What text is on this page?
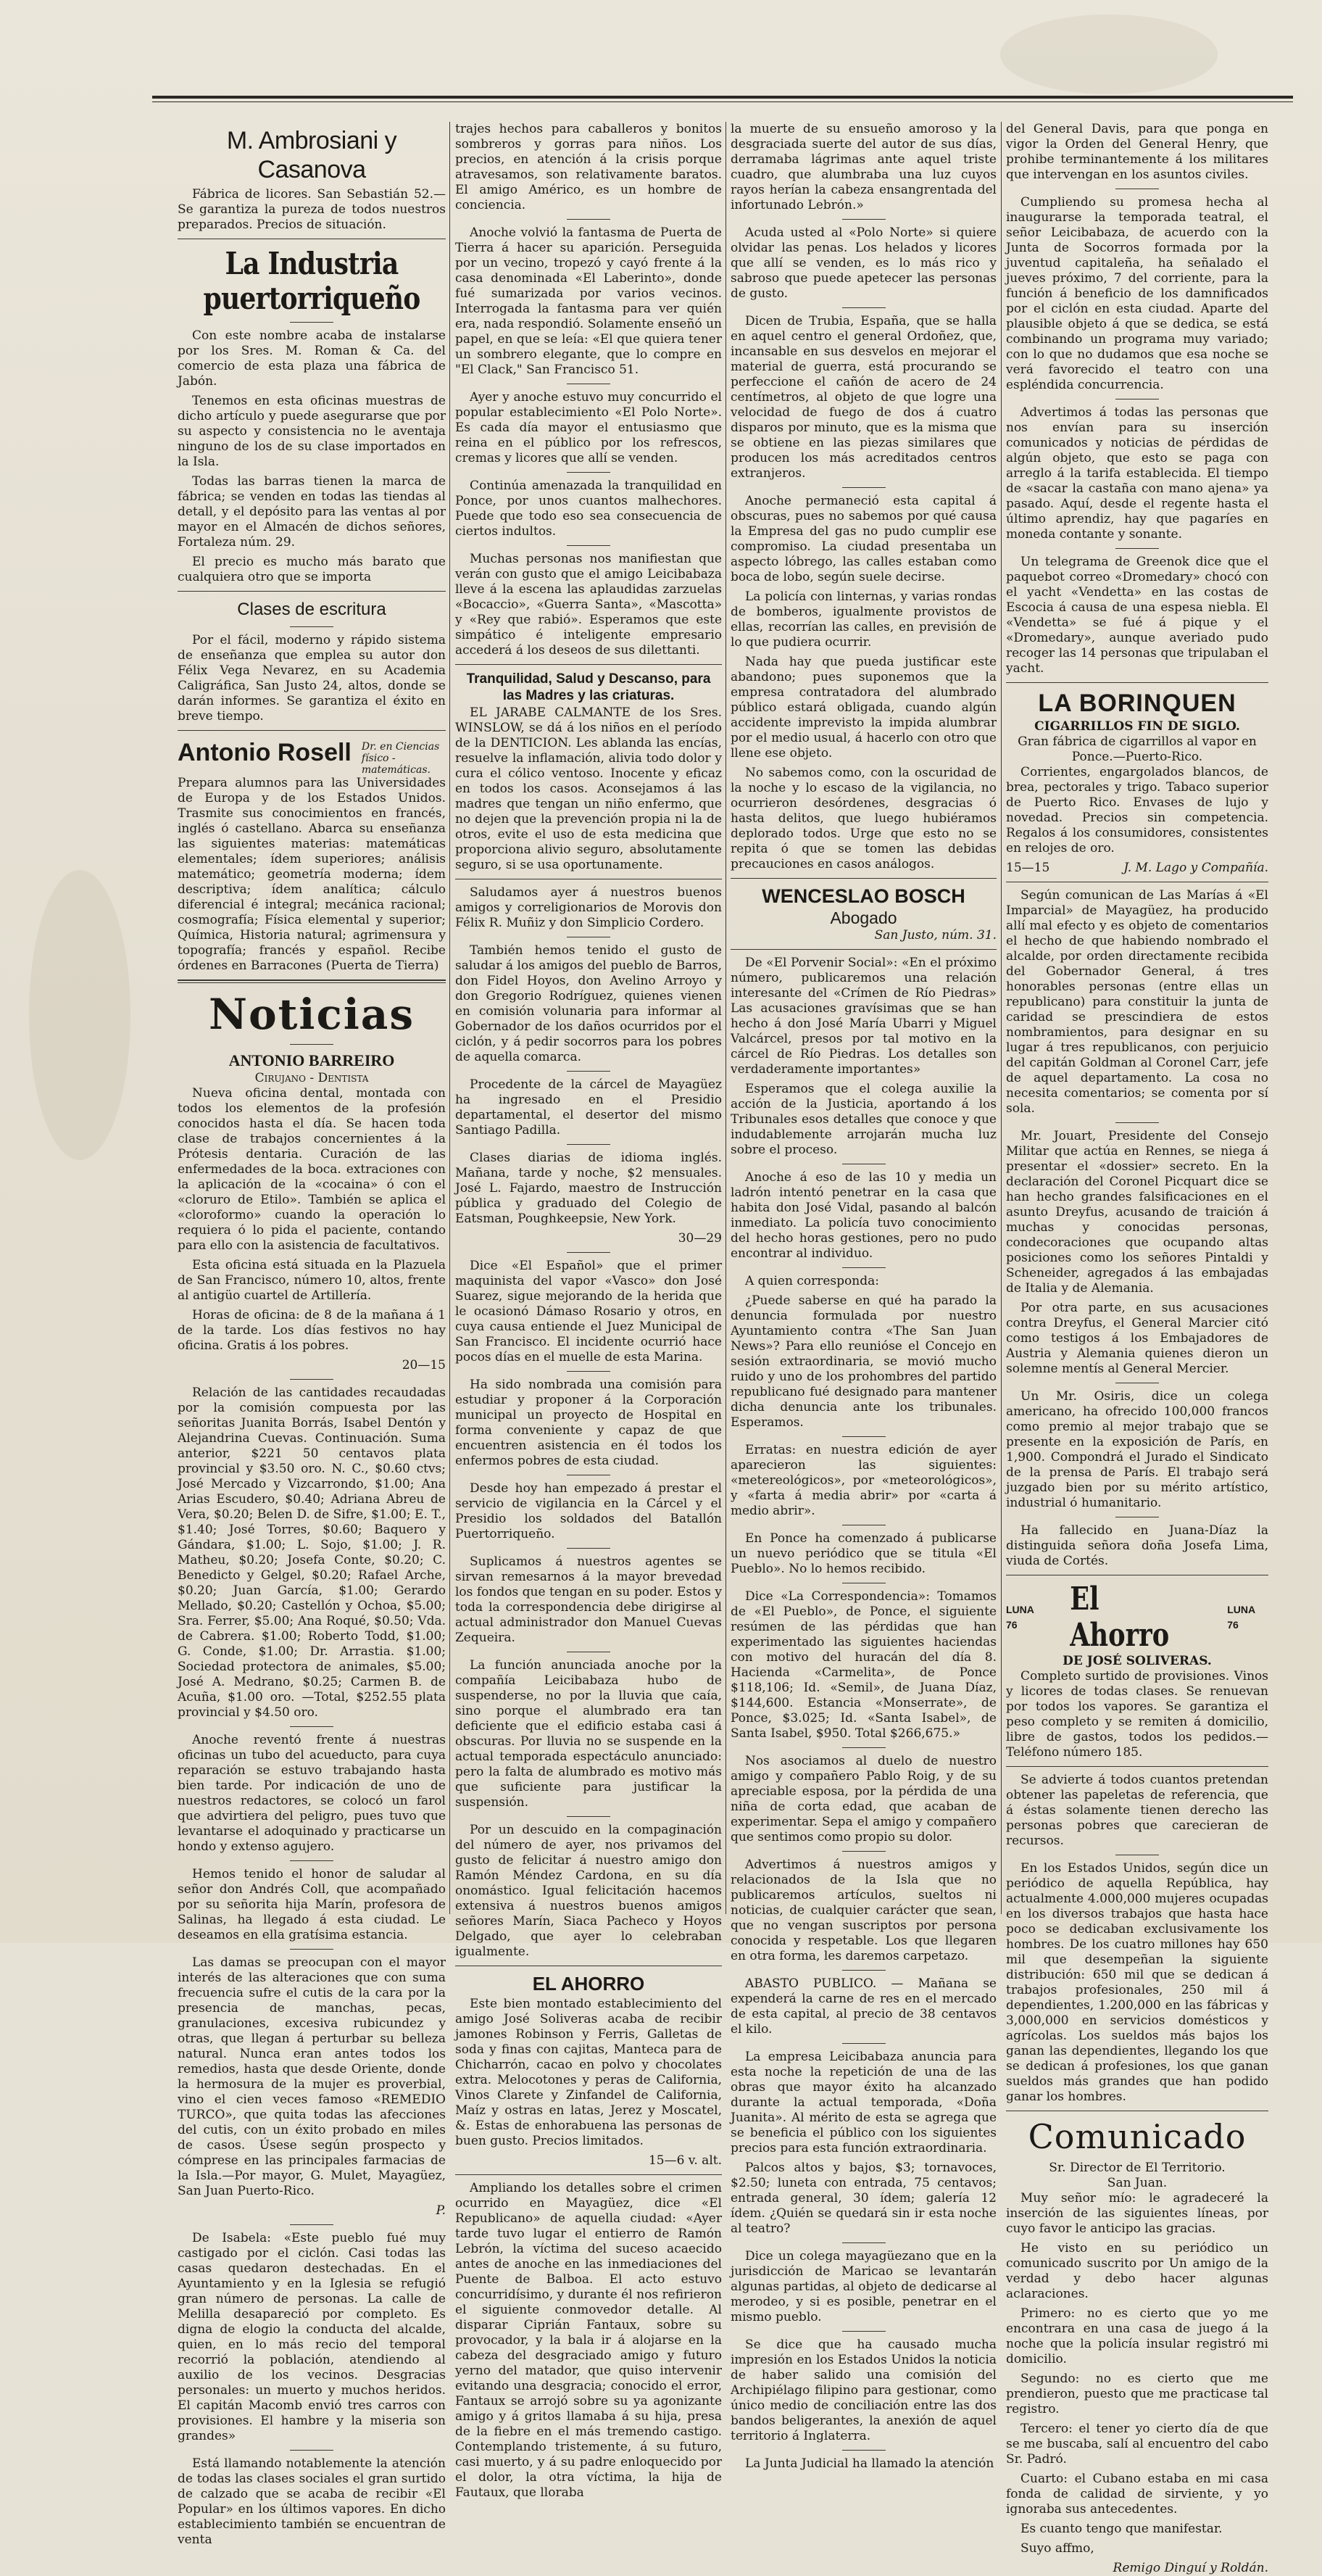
M. Ambrosiani y Casanova

Fábrica de licores. San Sebastián 52.—Se garantiza la pureza de todos nuestros preparados. Precios de situación.

La Industria puertorriqueño

Con este nombre acaba de instalarse por los Sres. M. Roman & Ca. del comercio de esta plaza una fábrica de Jabón.

Tenemos en esta oficinas muestras de dicho artículo y puede asegurarse que por su aspecto y consistencia no le aventaja ninguno de los de su clase importados en la Isla.

Todas las barras tienen la marca de fábrica; se venden en todas las tiendas al detall, y el depósito para las ventas al por mayor en el Almacén de dichos señores, Fortaleza núm. 29.

El precio es mucho más barato que cualquiera otro que se importa

Clases de escritura

Por el fácil, moderno y rápido sistema de enseñanza que emplea su autor don Félix Vega Nevarez, en su Academia Caligráfica, San Justo 24, altos, donde se darán informes. Se garantiza el éxito en breve tiempo.

Antonio Rosell	Dr. en Ciencias físico - matemáticas.

Prepara alumnos para las Universidades de Europa y de los Estados Unidos. Trasmite sus conocimientos en francés, inglés ó castellano. Abarca su enseñanza las siguientes materias: matemáticas elementales; ídem superiores; análisis matemático; geometría moderna; ídem descriptiva; ídem analítica; cálculo diferencial é integral; mecánica racional; cosmografía; Física elemental y superior; Química, Historia natural; agrimensura y topografía; francés y español. Recibe órdenes en Barracones (Puerta de Tierra)

Noticias
ANTONIO BARREIRO
Cirujano - Dentista

Nueva oficina dental, montada con todos los elementos de la profesión conocidos hasta el día. Se hacen toda clase de trabajos concernientes á la Prótesis dentaria. Curación de las enfermedades de la boca. extraciones con la aplicación de la «cocaina» ó con el «cloruro de Etilo». También se aplica el «cloroformo» cuando la operación lo requiera ó lo pida el paciente, contando para ello con la asistencia de facultativos.

Esta oficina está situada en la Plazuela de San Francisco, número 10, altos, frente al antigüo cuartel de Artillería.

Horas de oficina: de 8 de la mañana á 1 de la tarde. Los días festivos no hay oficina. Gratis á los pobres.

20—15

Relación de las cantidades recaudadas por la comisión compuesta por las señoritas Juanita Borrás, Isabel Dentón y Alejandrina Cuevas. Continuación. Suma anterior, $221 50 centavos plata provincial y $3.50 oro. N. C., $0.60 ctvs; José Mercado y Vizcarrondo, $1.00; Ana Arias Escudero, $0.40; Adriana Abreu de Vera, $0.20; Belen D. de Sifre, $1.00; E. T., $1.40; José Torres, $0.60; Baquero y Gándara, $1.00; L. Sojo, $1.00; J. R. Matheu, $0.20; Josefa Conte, $0.20; C. Benedicto y Gelgel, $0.20; Rafael Arche, $0.20; Juan García, $1.00; Gerardo Mellado, $0.20; Castellón y Ochoa, $5.00; Sra. Ferrer, $5.00; Ana Roqué, $0.50; Vda. de Cabrera. $1.00; Roberto Todd, $1.00; G. Conde, $1.00; Dr. Arrastia. $1.00; Sociedad protectora de animales, $5.00; José A. Medrano, $0.25; Carmen B. de Acuña, $1.00 oro. —Total, $252.55 plata provincial y $4.50 oro.

Anoche reventó frente á nuestras oficinas un tubo del acueducto, para cuya reparación se estuvo trabajando hasta bien tarde. Por indicación de uno de nuestros redactores, se colocó un farol que advirtiera del peligro, pues tuvo que levantarse el adoquinado y practicarse un hondo y extenso agujero.

Hemos tenido el honor de saludar al señor don Andrés Coll, que acompañado por su señorita hija Marín, profesora de Salinas, ha llegado á esta ciudad. Le deseamos en ella gratísima estancia.

Las damas se preocupan con el mayor interés de las alteraciones que con suma frecuencia sufre el cutis de la cara por la presencia de manchas, pecas, granulaciones, excesiva rubicundez y otras, que llegan á perturbar su belleza natural. Nunca eran antes todos los remedios, hasta que desde Oriente, donde la hermosura de la mujer es proverbial, vino el cien veces famoso «REMEDIO TURCO», que quita todas las afecciones del cutis, con un éxito probado en miles de casos. Úsese según prospecto y cómprese en las principales farmacias de la Isla.—Por mayor, G. Mulet, Mayagüez, San Juan Puerto-Rico.

P.

De Isabela: «Este pueblo fué muy castigado por el ciclón. Casi todas las casas quedaron destechadas. En el Ayuntamiento y en la Iglesia se refugió gran número de personas. La calle de Melilla desapareció por completo. Es digna de elogio la conducta del alcalde, quien, en lo más recio del temporal recorrió la población, atendiendo al auxilio de los vecinos. Desgracias personales: un muerto y muchos heridos. El capitán Macomb envió tres carros con provisiones. El hambre y la miseria son grandes»

Está llamando notablemente la atención de todas las clases sociales el gran surtido de calzado que se acaba de recibir «El Popular» en los últimos vapores. En dicho establecimiento también se encuentran de venta

trajes hechos para caballeros y bonitos sombreros y gorras para niños. Los precios, en atención á la crisis porque atravesamos, son relativamente baratos. El amigo Américo, es un hombre de conciencia.

Anoche volvió la fantasma de Puerta de Tierra á hacer su aparición. Perseguida por un vecino, tropezó y cayó frente á la casa denominada «El Laberinto», donde fué sumarizada por varios vecinos. Interrogada la fantasma para ver quién era, nada respondió. Solamente enseñó un papel, en que se leía: «El que quiera tener un sombrero elegante, que lo compre en "El Clack," San Francisco 51.

Ayer y anoche estuvo muy concurrido el popular establecimiento «El Polo Norte». Es cada día mayor el entusiasmo que reina en el público por los refrescos, cremas y licores que allí se venden.

Continúa amenazada la tranquilidad en Ponce, por unos cuantos malhechores. Puede que todo eso sea consecuencia de ciertos indultos.

Muchas personas nos manifiestan que verán con gusto que el amigo Leicibabaza lleve á la escena las aplaudidas zarzuelas «Bocaccio», «Guerra Santa», «Mascotta» y «Rey que rabió». Esperamos que este simpático é inteligente empresario accederá á los deseos de sus dilettanti.

Tranquilidad, Salud y Descanso, para las Madres y las criaturas.

EL JARABE CALMANTE de los Sres. WINSLOW, se dá á los niños en el período de la DENTICION. Les ablanda las encías, resuelve la inflamación, alivia todo dolor y cura el cólico ventoso. Inocente y eficaz en todos los casos. Aconsejamos á las madres que tengan un niño enfermo, que no dejen que la prevención propia ni la de otros, evite el uso de esta medicina que proporciona alivio seguro, absolutamente seguro, si se usa oportunamente.

Saludamos ayer á nuestros buenos amigos y correligionarios de Morovis don Félix R. Muñiz y don Simplicio Cordero.

También hemos tenido el gusto de saludar á los amigos del pueblo de Barros, don Fidel Hoyos, don Avelino Arroyo y don Gregorio Rodríguez, quienes vienen en comisión volunaria para informar al Gobernador de los daños ocurridos por el ciclón, y á pedir socorros para los pobres de aquella comarca.

Procedente de la cárcel de Mayagüez ha ingresado en el Presidio departamental, el desertor del mismo Santiago Padilla.

Clases diarias de idioma inglés. Mañana, tarde y noche, $2 mensuales. José L. Fajardo, maestro de Instrucción pública y graduado del Colegio de Eatsman, Poughkeepsie, New York.

30—29

Dice «El Español» que el primer maquinista del vapor «Vasco» don José Suarez, sigue mejorando de la herida que le ocasionó Dámaso Rosario y otros, en cuya causa entiende el Juez Municipal de San Francisco. El incidente ocurrió hace pocos días en el muelle de esta Marina.

Ha sido nombrada una comisión para estudiar y proponer á la Corporación municipal un proyecto de Hospital en forma conveniente y capaz de que encuentren asistencia en él todos los enfermos pobres de esta ciudad.

Desde hoy han empezado á prestar el servicio de vigilancia en la Cárcel y el Presidio los soldados del Batallón Puertorriqueño.

Suplicamos á nuestros agentes se sirvan remesarnos á la mayor brevedad los fondos que tengan en su poder. Estos y toda la correspondencia debe dirigirse al actual administrador don Manuel Cuevas Zequeira.

La función anunciada anoche por la compañía Leicibabaza hubo de suspenderse, no por la lluvia que caía, sino porque el alumbrado era tan deficiente que el edificio estaba casi á obscuras. Por lluvia no se suspende en la actual temporada espectáculo anunciado: pero la falta de alumbrado es motivo más que suficiente para justificar la suspensión.

Por un descuido en la compaginación del número de ayer, nos privamos del gusto de felicitar á nuestro amigo don Ramón Méndez Cardona, en su día onomástico. Igual felicitación hacemos extensiva á nuestros buenos amigos señores Marín, Siaca Pacheco y Hoyos Delgado, que ayer lo celebraban igualmente.

EL AHORRO

Este bien montado establecimiento del amigo José Soliveras acaba de recibir jamones Robinson y Ferris, Galletas de soda y finas con cajitas, Manteca para de Chicharrón, cacao en polvo y chocolates extra. Melocotones y peras de California, Vinos Clarete y Zinfandel de California, Maíz y ostras en latas, Jerez y Moscatel, &. Estas de enhorabuena las personas de buen gusto. Precios limitados.

15—6 v. alt.

Ampliando los detalles sobre el crimen ocurrido en Mayagüez, dice «El Republicano» de aquella ciudad: «Ayer tarde tuvo lugar el entierro de Ramón Lebrón, la víctima del suceso acaecido antes de anoche en las inmediaciones del Puente de Balboa. El acto estuvo concurridísimo, y durante él nos refirieron el siguiente conmovedor detalle. Al disparar Ciprián Fantaux, sobre su provocador, y la bala ir á alojarse en la cabeza del desgraciado amigo y futuro yerno del matador, que quiso intervenir evitando una desgracia; conocido el error, Fantaux se arrojó sobre su ya agonizante amigo y á gritos llamaba á su hija, presa de la fiebre en el más tremendo castigo. Contemplando tristemente, á su futuro, casi muerto, y á su padre enloquecido por el dolor, la otra víctima, la hija de Fautaux, que lloraba

la muerte de su ensueño amoroso y la desgraciada suerte del autor de sus días, derramaba lágrimas ante aquel triste cuadro, que alumbraba una luz cuyos rayos herían la cabeza ensangrentada del infortunado Lebrón.»

Acuda usted al «Polo Norte» si quiere olvidar las penas. Los helados y licores que allí se venden, es lo más rico y sabroso que puede apetecer las personas de gusto.

Dicen de Trubia, España, que se halla en aquel centro el general Ordoñez, que, incansable en sus desvelos en mejorar el material de guerra, está procurando se perfeccione el cañón de acero de 24 centímetros, al objeto de que logre una velocidad de fuego de dos á cuatro disparos por minuto, que es la misma que se obtiene en las piezas similares que producen los más acreditados centros extranjeros.

Anoche permaneció esta capital á obscuras, pues no sabemos por qué causa la Empresa del gas no pudo cumplir ese compromiso. La ciudad presentaba un aspecto lóbrego, las calles estaban como boca de lobo, según suele decirse.

La policía con linternas, y varias rondas de bomberos, igualmente provistos de ellas, recorrían las calles, en previsión de lo que pudiera ocurrir.

Nada hay que pueda justificar este abandono; pues suponemos que la empresa contratadora del alumbrado público estará obligada, cuando algún accidente imprevisto la impida alumbrar por el medio usual, á hacerlo con otro que llene ese objeto.

No sabemos como, con la oscuridad de la noche y lo escaso de la vigilancia, no ocurrieron desórdenes, desgracias ó hasta delitos, que luego hubiéramos deplorado todos. Urge que esto no se repita ó que se tomen las debidas precauciones en casos análogos.

WENCESLAO BOSCH
Abogado
San Justo, núm. 31.

De «El Porvenir Social»: «En el próximo número, publicaremos una relación interesante del «Crímen de Río Piedras» Las acusaciones gravísimas que se han hecho á don José María Ubarri y Miguel Valcárcel, presos por tal motivo en la cárcel de Río Piedras. Los detalles son verdaderamente importantes»

Esperamos que el colega auxilie la acción de la Justicia, aportando á los Tribunales esos detalles que conoce y que indudablemente arrojarán mucha luz sobre el proceso.

Anoche á eso de las 10 y media un ladrón intentó penetrar en la casa que habita don José Vidal, pasando al balcón inmediato. La policía tuvo conocimiento del hecho horas gestiones, pero no pudo encontrar al individuo.

A quien corresponda:

¿Puede saberse en qué ha parado la denuncia formulada por nuestro Ayuntamiento contra «The San Juan News»? Para ello reunióse el Concejo en sesión extraordinaria, se movió mucho ruido y uno de los prohombres del partido republicano fué designado para mantener dicha denuncia ante los tribunales. Esperamos.

Erratas: en nuestra edición de ayer aparecieron las siguientes: «metereológicos», por «meteorológicos», y «farta á media abrir» por «carta á medio abrir».

En Ponce ha comenzado á publicarse un nuevo periódico que se titula «El Pueblo». No lo hemos recibido.

Dice «La Correspondencia»: Tomamos de «El Pueblo», de Ponce, el siguiente resúmen de las pérdidas que han experimentado las siguientes haciendas con motivo del huracán del día 8. Hacienda «Carmelita», de Ponce $118,106; Id. «Semil», de Juana Díaz, $144,600. Estancia «Monserrate», de Ponce, $3.025; Id. «Santa Isabel», de Santa Isabel, $950. Total $266,675.»

Nos asociamos al duelo de nuestro amigo y compañero Pablo Roig, y de su apreciable esposa, por la pérdida de una niña de corta edad, que acaban de experimentar. Sepa el amigo y compañero que sentimos como propio su dolor.

Advertimos á nuestros amigos y relacionados de la Isla que no publicaremos artículos, sueltos ni noticias, de cualquier carácter que sean, que no vengan suscriptos por persona conocida y respetable. Los que llegaren en otra forma, les daremos carpetazo.

ABASTO PUBLICO. — Mañana se expenderá la carne de res en el mercado de esta capital, al precio de 38 centavos el kilo.

La empresa Leicibabaza anuncia para esta noche la repetición de una de las obras que mayor éxito ha alcanzado durante la actual temporada, «Doña Juanita». Al mérito de esta se agrega que se beneficia el público con los siguientes precios para esta función extraordinaria.

Palcos altos y bajos, $3; tornavoces, $2.50; luneta con entrada, 75 centavos; entrada general, 30 ídem; galería 12 ídem. ¿Quién se quedará sin ir esta noche al teatro?

Dice un colega mayagüezano que en la jurisdicción de Maricao se levantarán algunas partidas, al objeto de dedicarse al merodeo, y si es posible, penetrar en el mismo pueblo.

Se dice que ha causado mucha impresión en los Estados Unidos la noticia de haber salido una comisión del Archipiélago filipino para gestionar, como único medio de conciliación entre las dos bandos beligerantes, la anexión de aquel territorio á Inglaterra.

La Junta Judicial ha llamado la atención

del General Davis, para que ponga en vigor la Orden del General Henry, que prohibe terminantemente á los militares que intervengan en los asuntos civiles.

Cumpliendo su promesa hecha al inaugurarse la temporada teatral, el señor Leicibabaza, de acuerdo con la Junta de Socorros formada por la juventud capitaleña, ha señalado el jueves próximo, 7 del corriente, para la función á beneficio de los damnificados por el ciclón en esta ciudad. Aparte del plausible objeto á que se dedica, se está combinando un programa muy variado; con lo que no dudamos que esa noche se verá favorecido el teatro con una espléndida concurrencia.

Advertimos á todas las personas que nos envían para su inserción comunicados y noticias de pérdidas de algún objeto, que esto se paga con arreglo á la tarifa establecida. El tiempo de «sacar la castaña con mano ajena» ya pasado. Aquí, desde el regente hasta el último aprendiz, hay que pagaríes en moneda contante y sonante.

Un telegrama de Greenok dice que el paquebot correo «Dromedary» chocó con el yacht «Vendetta» en las costas de Escocia á causa de una espesa niebla. El «Vendetta» se fué á pique y el «Dromedary», aunque averiado pudo recoger las 14 personas que tripulaban el yacht.

LA BORINQUEN
CIGARRILLOS FIN DE SIGLO.
Gran fábrica de cigarrillos al vapor en Ponce.—Puerto-Rico.

Corrientes, engargolados blancos, de brea, pectorales y trigo. Tabaco superior de Puerto Rico. Envases de lujo y novedad. Precios sin competencia. Regalos á los consumidores, consistentes en relojes de oro.

15—15	J. M. Lago y Compañía.

Según comunican de Las Marías á «El Imparcial» de Mayagüez, ha producido allí mal efecto y es objeto de comentarios el hecho de que habiendo nombrado el alcalde, por orden directamente recibida del Gobernador General, á tres honorables personas (entre ellas un republicano) para constituir la junta de caridad se prescindiera de estos nombramientos, para designar en su lugar á tres republicanos, con perjuicio del capitán Goldman al Coronel Carr, jefe de aquel departamento. La cosa no necesita comentarios; se comenta por sí sola.

Mr. Jouart, Presidente del Consejo Militar que actúa en Rennes, se niega á presentar el «dossier» secreto. En la declaración del Coronel Picquart dice se han hecho grandes falsificaciones en el asunto Dreyfus, acusando de traición á muchas y conocidas personas, condecoraciones que ocupando altas posiciones como los señores Pintaldi y Scheneider, agregados á las embajadas de Italia y de Alemania.

Por otra parte, en sus acusaciones contra Dreyfus, el General Marcier citó como testigos á los Embajadores de Austria y Alemania quienes dieron un solemne mentís al General Mercier.

Un Mr. Osiris, dice un colega americano, ha ofrecido 100,000 francos como premio al mejor trabajo que se presente en la exposición de París, en 1,900. Compondrá el Jurado el Sindicato de la prensa de París. El trabajo será juzgado bien por su mérito artístico, industrial ó humanitario.

Ha fallecido en Juana-Díaz la distinguida señora doña Josefa Lima, viuda de Cortés.

LUNA 76
El Ahorro
LUNA 76
DE JOSÉ SOLIVERAS.

Completo surtido de provisiones. Vinos y licores de todas clases. Se renuevan por todos los vapores. Se garantiza el peso completo y se remiten á domicilio, libre de gastos, todos los pedidos.—Teléfono número 185.

Se advierte á todos cuantos pretendan obtener las papeletas de referencia, que á éstas solamente tienen derecho las personas pobres que carecieran de recursos.

En los Estados Unidos, según dice un periódico de aquella República, hay actualmente 4.000,000 mujeres ocupadas en los diversos trabajos que hasta hace poco se dedicaban exclusivamente los hombres. De los cuatro millones hay 650 mil que desempeñan la siguiente distribución: 650 mil que se dedican á trabajos profesionales, 250 mil á dependientes, 1.200,000 en las fábricas y 3,000,000 en servicios domésticos y agrícolas. Los sueldos más bajos los ganan las dependientes, llegando los que se dedican á profesiones, los que ganan sueldos más grandes que han podido ganar los hombres.

Comunicado
Sr. Director de El Territorio.
San Juan.

Muy señor mío: le agradeceré la inserción de las siguientes líneas, por cuyo favor le anticipo las gracias.

He visto en su periódico un comunicado suscrito por Un amigo de la verdad y debo hacer algunas aclaraciones.

Primero: no es cierto que yo me encontrara en una casa de juego á la noche que la policía insular registró mi domicilio.

Segundo: no es cierto que me prendieron, puesto que me practicase tal registro.

Tercero: el tener yo cierto día de que se me buscaba, salí al encuentro del cabo Sr. Padró.

Cuarto: el Cubano estaba en mi casa fonda de calidad de sirviente, y yo ignoraba sus antecedentes.

Es cuanto tengo que manifestar.

Suyo affmo,

Remigo Dinguí y Roldán.
